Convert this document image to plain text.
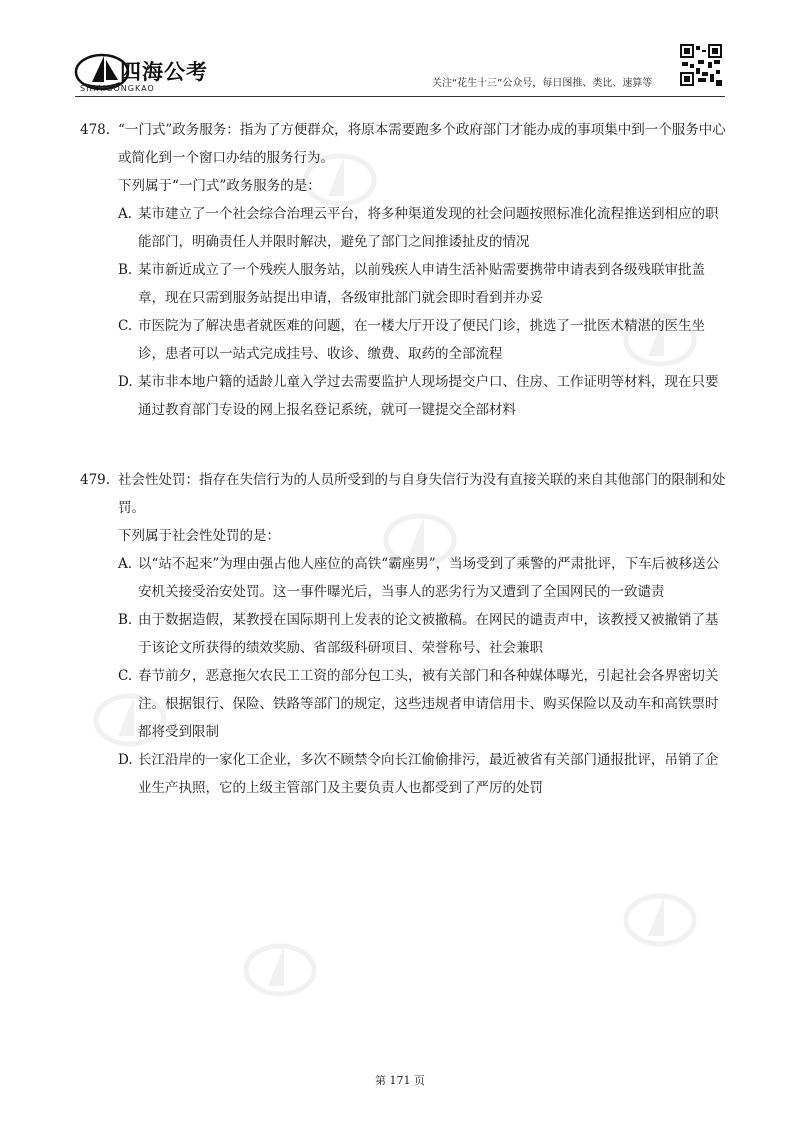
四海公考
SIHAIGONGKAO	关注“花生十三”公众号，每日图推、类比、速算等
478. “一门式”政务服务：指为了方便群众，将原本需要跑多个政府部门才能办成的事项集中到一个服务中心或简化到一个窗口办结的服务行为。
下列属于“一门式”政务服务的是：
A. 某市建立了一个社会综合治理云平台，将多种渠道发现的社会问题按照标准化流程推送到相应的职能部门，明确责任人并限时解决，避免了部门之间推诿扯皮的情况
B. 某市新近成立了一个残疾人服务站，以前残疾人申请生活补贴需要携带申请表到各级残联审批盖章，现在只需到服务站提出申请，各级审批部门就会即时看到并办妥
C. 市医院为了解决患者就医难的问题，在一楼大厅开设了便民门诊，挑选了一批医术精湛的医生坐诊，患者可以一站式完成挂号、收诊、缴费、取药的全部流程
D. 某市非本地户籍的适龄儿童入学过去需要监护人现场提交户口、住房、工作证明等材料，现在只要通过教育部门专设的网上报名登记系统，就可一键提交全部材料
479. 社会性处罚：指存在失信行为的人员所受到的与自身失信行为没有直接关联的来自其他部门的限制和处罚。
下列属于社会性处罚的是：
A. 以“站不起来”为理由强占他人座位的高铁“霸座男”，当场受到了乘警的严肃批评，下车后被移送公安机关接受治安处罚。这一事件曝光后，当事人的恶劣行为又遭到了全国网民的一致谴责
B. 由于数据造假，某教授在国际期刊上发表的论文被撤稿。在网民的谴责声中，该教授又被撤销了基于该论文所获得的绩效奖励、省部级科研项目、荣誉称号、社会兼职
C. 春节前夕，恶意拖欠农民工工资的部分包工头，被有关部门和各种媒体曝光，引起社会各界密切关注。根据银行、保险、铁路等部门的规定，这些违规者申请信用卡、购买保险以及动车和高铁票时都将受到限制
D. 长江沿岸的一家化工企业，多次不顾禁令向长江偷偷排污，最近被省有关部门通报批评，吊销了企业生产执照，它的上级主管部门及主要负责人也都受到了严厉的处罚
第 171 页
